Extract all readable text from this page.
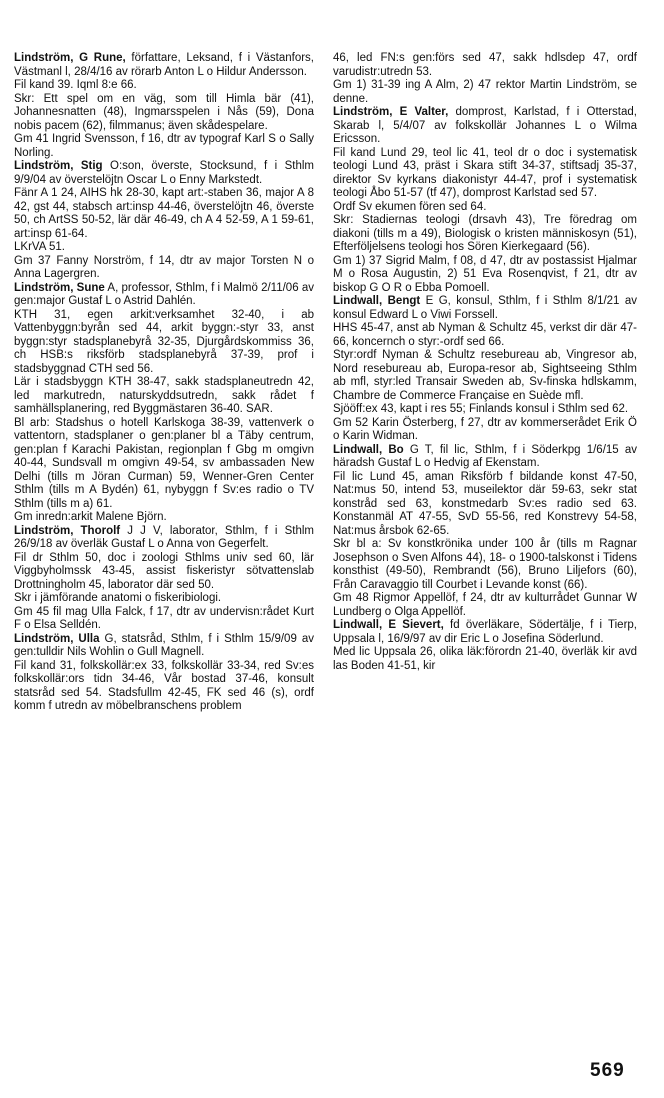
Lindström, G Rune, författare, Leksand, f i Västanfors, Västmanl l, 28/4/16 av rörarb Anton L o Hildur Andersson.

Fil kand 39. Iqml 8:e 66.

Skr: Ett spel om en väg, som till Himla bär (41), Johannesnatten (48), Ingmarsspelen i Nås (59), Dona nobis pacem (62), filmmanus; även skådespelare.

Gm 41 Ingrid Svensson, f 16, dtr av typograf Karl S o Sally Norling.

Lindström, Stig O:son, överste, Stocksund, f i Sthlm 9/9/04 av överstelöjtn Oscar L o Enny Markstedt.

Fänr A 1 24, AIHS hk 28-30, kapt art:-staben 36, major A 8 42, gst 44, stabsch art:insp 44-46, överstelöjtn 46, överste 50, ch ArtSS 50-52, lär där 46-49, ch A 4 52-59, A 1 59-61, art:insp 61-64.

LKrVA 51.

Gm 37 Fanny Norström, f 14, dtr av major Torsten N o Anna Lagergren.

Lindström, Sune A, professor, Sthlm, f i Malmö 2/11/06 av gen:major Gustaf L o Astrid Dahlén.

KTH 31, egen arkit:verksamhet 32-40, i ab Vattenbyggn:byrån sed 44, arkit byggn:-styr 33, anst byggn:styr stadsplanebyrå 32-35, Djurgårdskommiss 36, ch HSB:s riksförb stadsplanebyrå 37-39, prof i stadsbyggnad CTH sed 56.

Lär i stadsbyggn KTH 38-47, sakk stadsplaneutredn 42, led markutredn, naturskyddsutredn, sakk rådet f samhällsplanering, red Byggmästaren 36-40. SAR.

Bl arb: Stadshus o hotell Karlskoga 38-39, vattenverk o vattentorn, stadsplaner o gen:planer bl a Täby centrum, gen:plan f Karachi Pakistan, regionplan f Gbg m omgivn 40-44, Sundsvall m omgivn 49-54, sv ambassaden New Delhi (tills m Jöran Curman) 59, Wenner-Gren Center Sthlm (tills m A Bydén) 61, nybyggn f Sv:es radio o TV Sthlm (tills m a) 61.

Gm inredn:arkit Malene Björn.

Lindström, Thorolf J J V, laborator, Sthlm, f i Sthlm 26/9/18 av överläk Gustaf L o Anna von Gegerfelt.

Fil dr Sthlm 50, doc i zoologi Sthlms univ sed 60, lär Viggbyholmssk 43-45, assist fiskeristyr sötvattenslab Drottningholm 45, laborator där sed 50.

Skr i jämförande anatomi o fiskeribiologi.

Gm 45 fil mag Ulla Falck, f 17, dtr av undervisn:rådet Kurt F o Elsa Selldén.

Lindström, Ulla G, statsråd, Sthlm, f i Sthlm 15/9/09 av gen:tulldir Nils Wohlin o Gull Magnell.

Fil kand 31, folkskollär:ex 33, folkskollär 33-34, red Sv:es folkskollär:ors tidn 34-46, Vår bostad 37-46, konsult statsråd sed 54. Stadsfullm 42-45, FK sed 46 (s), ordf komm f utredn av möbelbranschens problem

46, led FN:s gen:förs sed 47, sakk hdlsdep 47, ordf varudistr:utredn 53.

Gm 1) 31-39 ing A Alm, 2) 47 rektor Martin Lindström, se denne.

Lindström, E Valter, domprost, Karlstad, f i Otterstad, Skarab l, 5/4/07 av folkskollär Johannes L o Wilma Ericsson.

Fil kand Lund 29, teol lic 41, teol dr o doc i systematisk teologi Lund 43, präst i Skara stift 34-37, stiftsadj 35-37, direktor Sv kyrkans diakonistyr 44-47, prof i systematisk teologi Åbo 51-57 (tf 47), domprost Karlstad sed 57.

Ordf Sv ekumen fören sed 64.

Skr: Stadiernas teologi (drsavh 43), Tre föredrag om diakoni (tills m a 49), Biologisk o kristen människosyn (51), Efterföljelsens teologi hos Sören Kierkegaard (56).

Gm 1) 37 Sigrid Malm, f 08, d 47, dtr av postassist Hjalmar M o Rosa Augustin, 2) 51 Eva Rosenqvist, f 21, dtr av biskop G O R o Ebba Pomoell.

Lindwall, Bengt E G, konsul, Sthlm, f i Sthlm 8/1/21 av konsul Edward L o Viwi Forssell.

HHS 45-47, anst ab Nyman & Schultz 45, verkst dir där 47-66, koncernch o styr:-ordf sed 66.

Styr:ordf Nyman & Schultz resebureau ab, Vingresor ab, Nord resebureau ab, Europa-resor ab, Sightseeing Sthlm ab mfl, styr:led Transair Sweden ab, Sv-finska hdlskamm, Chambre de Commerce Française en Suède mfl.

Sjööff:ex 43, kapt i res 55; Finlands konsul i Sthlm sed 62.

Gm 52 Karin Österberg, f 27, dtr av kommerserådet Erik Ö o Karin Widman.

Lindwall, Bo G T, fil lic, Sthlm, f i Söderkpg 1/6/15 av häradsh Gustaf L o Hedvig af Ekenstam.

Fil lic Lund 45, aman Riksförb f bildande konst 47-50, Nat:mus 50, intend 53, museilektor där 59-63, sekr stat konstråd sed 63, konstmedarb Sv:es radio sed 63. Konstanmäl AT 47-55, SvD 55-56, red Konstrevy 54-58, Nat:mus årsbok 62-65.

Skr bl a: Sv konstkrönika under 100 år (tills m Ragnar Josephson o Sven Alfons 44), 18- o 1900-talskonst i Tidens konsthist (49-50), Rembrandt (56), Bruno Liljefors (60), Från Caravaggio till Courbet i Levande konst (66).

Gm 48 Rigmor Appellöf, f 24, dtr av kulturrådet Gunnar W Lundberg o Olga Appellöf.

Lindwall, E Sievert, fd överläkare, Södertälje, f i Tierp, Uppsala l, 16/9/97 av dir Eric L o Josefina Söderlund.

Med lic Uppsala 26, olika läk:förordn 21-40, överläk kir avd las Boden 41-51, kir

569
